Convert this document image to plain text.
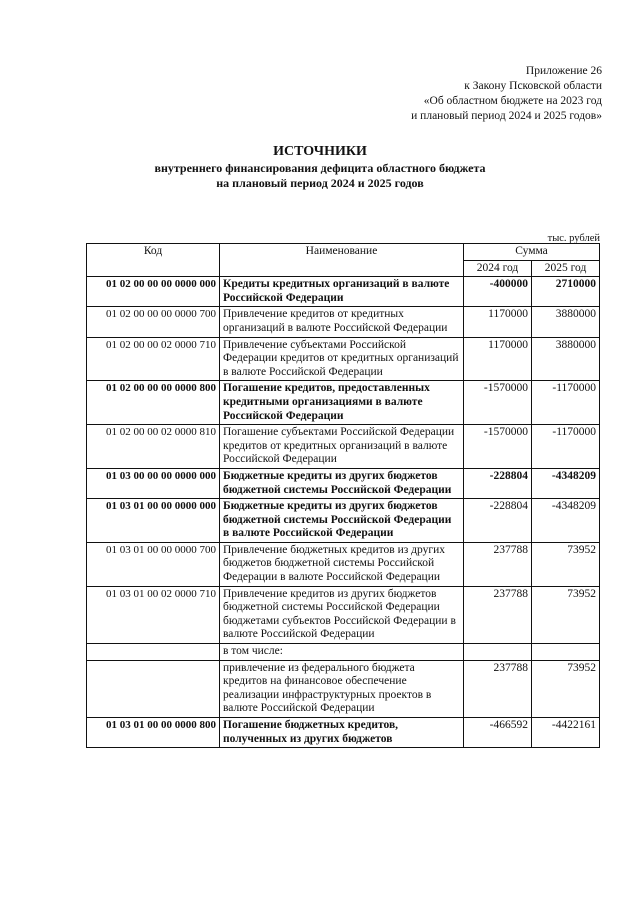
Приложение 26
к Закону Псковской области
«Об областном бюджете на 2023 год
и плановый период 2024 и 2025 годов»
ИСТОЧНИКИ
внутреннего финансирования дефицита областного бюджета
на плановый период 2024 и 2025 годов
тыс. рублей
Код	Наименование	Сумма	
		2024 год	2025 год
01 02 00 00 00 0000 000	Кредиты кредитных организаций в валюте Российской Федерации	-400000	2710000
01 02 00 00 00 0000 700	Привлечение кредитов от кредитных организаций в валюте Российской Федерации	1170000	3880000
01 02 00 00 02 0000 710	Привлечение субъектами Российской Федерации кредитов от кредитных организаций в валюте Российской Федерации	1170000	3880000
01 02 00 00 00 0000 800	Погашение кредитов, предоставленных кредитными организациями в валюте Российской Федерации	-1570000	-1170000
01 02 00 00 02 0000 810	Погашение субъектами Российской Федерации кредитов от кредитных организаций в валюте Российской Федерации	-1570000	-1170000
01 03 00 00 00 0000 000	Бюджетные кредиты из других бюджетов бюджетной системы Российской Федерации	-228804	-4348209
01 03 01 00 00 0000 000	Бюджетные кредиты из других бюджетов бюджетной системы Российской Федерации в валюте Российской Федерации	-228804	-4348209
01 03 01 00 00 0000 700	Привлечение бюджетных кредитов из других бюджетов бюджетной системы Российской Федерации в валюте Российской Федерации	237788	73952
01 03 01 00 02 0000 710	Привлечение кредитов из других бюджетов бюджетной системы Российской Федерации бюджетами субъектов Российской Федерации в валюте Российской Федерации	237788	73952
	в том числе:		
	привлечение из федерального бюджета кредитов на финансовое обеспечение реализации инфраструктурных проектов в валюте Российской Федерации	237788	73952
01 03 01 00 00 0000 800	Погашение бюджетных кредитов, полученных из других бюджетов	-466592	-4422161
